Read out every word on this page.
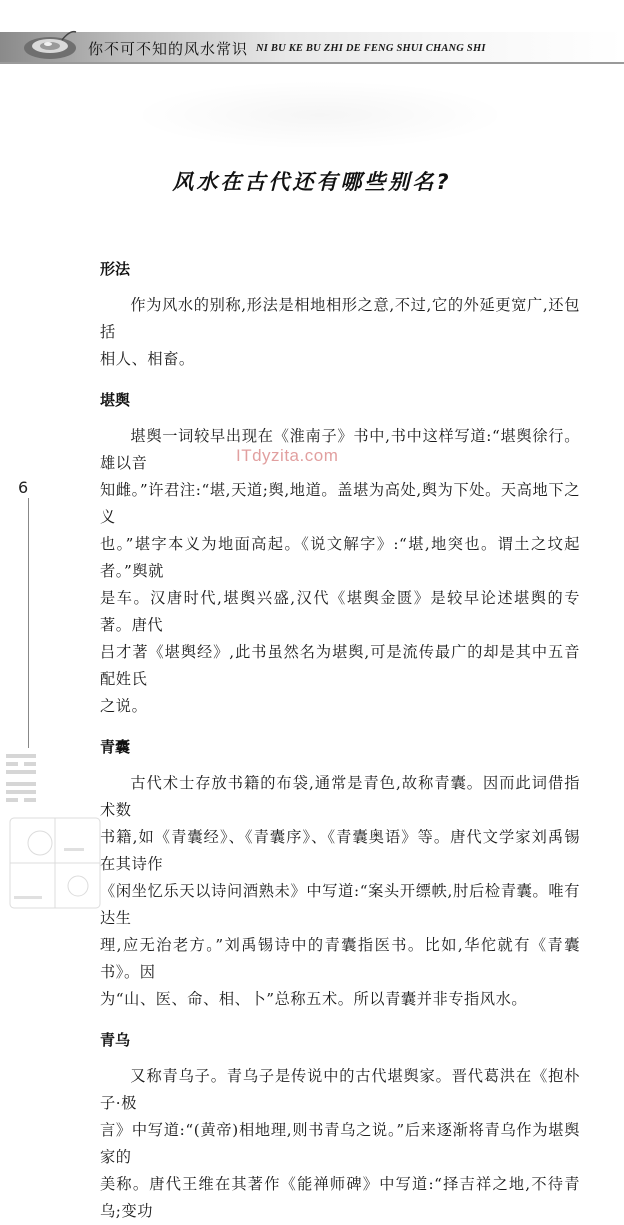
你不可不知的风水常识 NI BU KE BU ZHI DE FENG SHUI CHANG SHI
风水在古代还有哪些别名?
形法

作为风水的别称,形法是相地相形之意,不过,它的外延更宽广,还包括

相人、相畜。

堪舆

堪舆一词较早出现在《淮南子》书中,书中这样写道:“堪舆徐行。雄以音

知雌。”许君注:“堪,天道;舆,地道。盖堪为高处,舆为下处。天高地下之义

也。”堪字本义为地面高起。《说文解字》:“堪,地突也。谓土之坟起者。”舆就

是车。汉唐时代,堪舆兴盛,汉代《堪舆金匮》是较早论述堪舆的专著。唐代

吕才著《堪舆经》,此书虽然名为堪舆,可是流传最广的却是其中五音配姓氏

之说。

青囊

古代术士存放书籍的布袋,通常是青色,故称青囊。因而此词借指术数

书籍,如《青囊经》、《青囊序》、《青囊奥语》等。唐代文学家刘禹锡在其诗作

《闲坐忆乐天以诗问酒熟未》中写道:“案头开缥帙,肘后检青囊。唯有达生

理,应无治老方。”刘禹锡诗中的青囊指医书。比如,华佗就有《青囊书》。因

为“山、医、命、相、卜”总称五术。所以青囊并非专指风水。

青乌

又称青乌子。青乌子是传说中的古代堪舆家。晋代葛洪在《抱朴子·极

言》中写道:“(黄帝)相地理,则书青乌之说。”后来逐渐将青乌作为堪舆家的

美称。唐代王维在其著作《能禅师碑》中写道:“择吉祥之地,不待青乌;变功

6
ITdyzita.com
